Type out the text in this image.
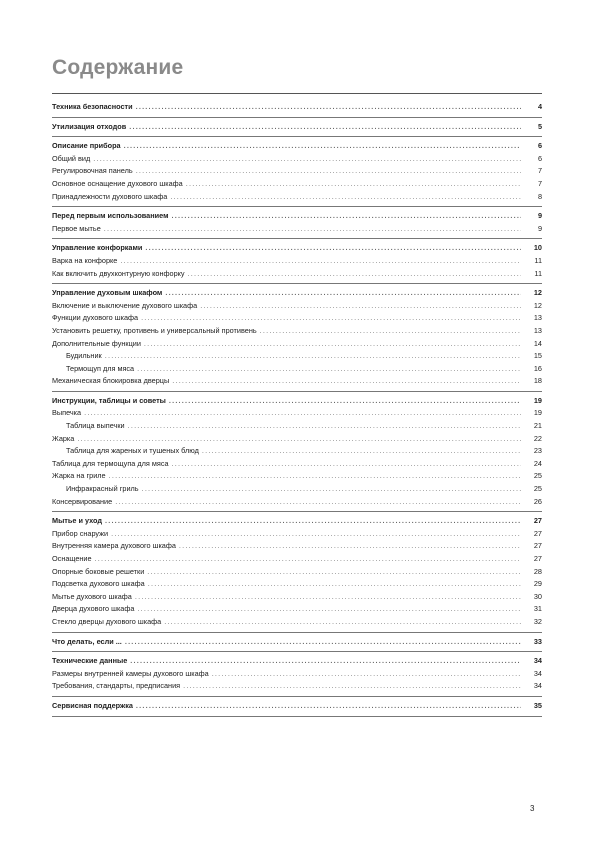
Содержание
Техника безопасности .....	4
Утилизация отходов .....	5
Описание прибора .....	6
Общий вид .....	6
Регулировочная панель .....	7
Основное оснащение духового шкафа .....	7
Принадлежности духового шкафа .....	8
Перед первым использованием .....	9
Первое мытье .....	9
Управление конфорками .....	10
Варка на конфорке .....	11
Как включить двухконтурную конфорку .....	11
Управление духовым шкафом .....	12
Включение и выключение духового шкафа .....	12
Функции духового шкафа .....	13
Установить решетку, противень и универсальный противень .....	13
Дополнительные функции .....	14
Будильник .....	15
Термощуп для мяса .....	16
Механическая блокировка дверцы .....	18
Инструкции, таблицы и советы .....	19
Выпечка .....	19
Таблица выпечки .....	21
Жарка .....	22
Таблица для жареных и тушеных блюд .....	23
Таблица для термощупа для мяса .....	24
Жарка на гриле .....	25
Инфракрасный гриль .....	25
Консервирование .....	26
Мытье и уход .....	27
Прибор снаружи .....	27
Внутренняя камера духового шкафа .....	27
Оснащение .....	27
Опорные боковые решетки .....	28
Подсветка духового шкафа .....	29
Мытье духового шкафа .....	30
Дверца духового шкафа .....	31
Стекло дверцы духового шкафа .....	32
Что делать, если ... .....	33
Технические данные .....	34
Размеры внутренней камеры духового шкафа .....	34
Требования, стандарты, предписания .....	34
Сервисная поддержка .....	35
3
